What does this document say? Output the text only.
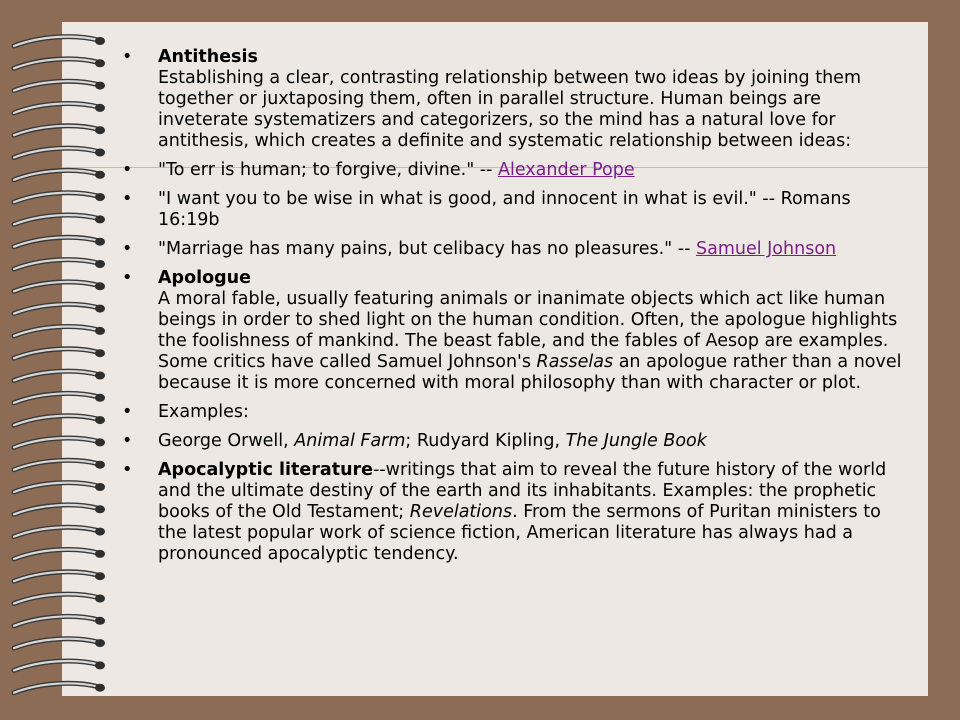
• Antithesis
Establishing a clear, contrasting relationship between two ideas by joining them together or juxtaposing them, often in parallel structure. Human beings are inveterate systematizers and categorizers, so the mind has a natural love for antithesis, which creates a definite and systematic relationship between ideas:
• "To err is human; to forgive, divine." -- Alexander Pope
• "I want you to be wise in what is good, and innocent in what is evil." -- Romans 16:19b
• "Marriage has many pains, but celibacy has no pleasures." -- Samuel Johnson
• Apologue
A moral fable, usually featuring animals or inanimate objects which act like human beings in order to shed light on the human condition. Often, the apologue highlights the foolishness of mankind. The beast fable, and the fables of Aesop are examples. Some critics have called Samuel Johnson's Rasselas an apologue rather than a novel because it is more concerned with moral philosophy than with character or plot.
• Examples:
• George Orwell, Animal Farm; Rudyard Kipling, The Jungle Book
• Apocalyptic literature--writings that aim to reveal the future history of the world and the ultimate destiny of the earth and its inhabitants. Examples: the prophetic books of the Old Testament; Revelations. From the sermons of Puritan ministers to the latest popular work of science fiction, American literature has always had a pronounced apocalyptic tendency.
